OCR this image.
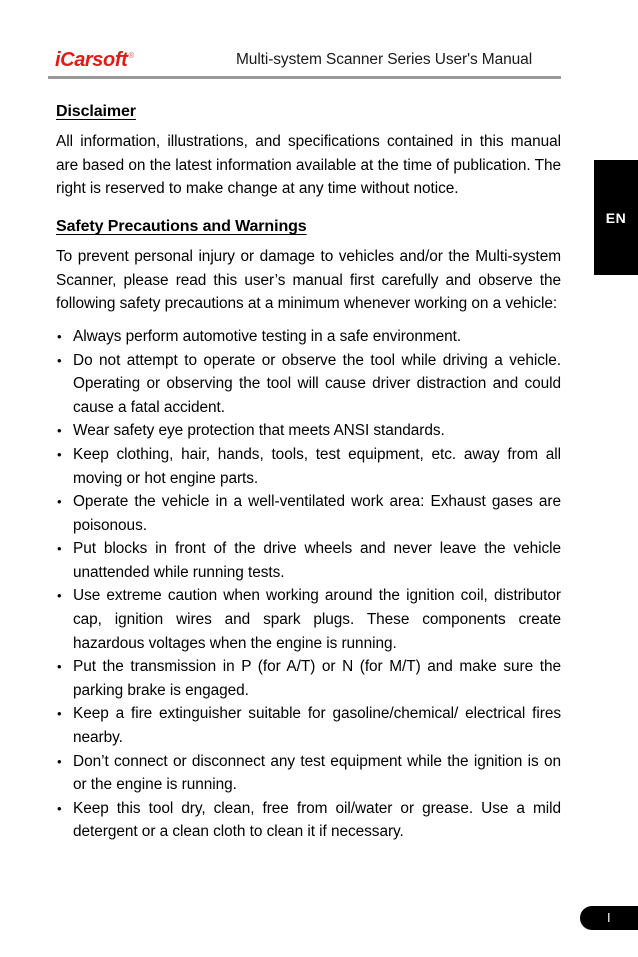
iCarsoft®	Multi-system Scanner Series User's Manual
EN
Disclaimer

All information, illustrations, and specifications contained in this manual are based on the latest information available at the time of publication. The right is reserved to make change at any time without notice.

Safety Precautions and Warnings

To prevent personal injury or damage to vehicles and/or the Multi-system Scanner, please read this user’s manual first carefully and observe the following safety precautions at a minimum whenever working on a vehicle:

• Always perform automotive testing in a safe environment.
• Do not attempt to operate or observe the tool while driving a vehicle. Operating or observing the tool will cause driver distraction and could cause a fatal accident.
• Wear safety eye protection that meets ANSI standards.
• Keep clothing, hair, hands, tools, test equipment, etc. away from all moving or hot engine parts.
• Operate the vehicle in a well-ventilated work area: Exhaust gases are poisonous.
• Put blocks in front of the drive wheels and never leave the vehicle unattended while running tests.
• Use extreme caution when working around the ignition coil, distributor cap, ignition wires and spark plugs. These components create hazardous voltages when the engine is running.
• Put the transmission in P (for A/T) or N (for M/T) and make sure the parking brake is engaged.
• Keep a fire extinguisher suitable for gasoline/chemical/ electrical fires nearby.
• Don’t connect or disconnect any test equipment while the ignition is on or the engine is running.
• Keep this tool dry, clean, free from oil/water or grease. Use a mild detergent or a clean cloth to clean it if necessary.
I
